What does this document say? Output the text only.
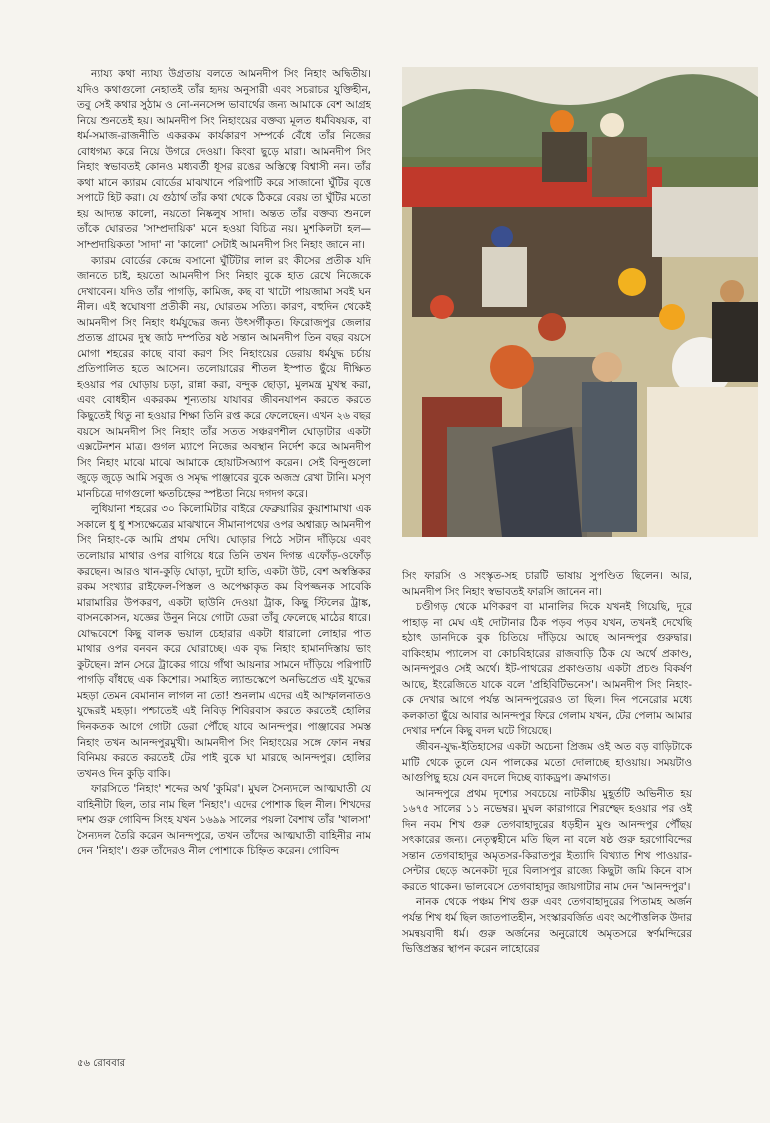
ন্যায্য কথা ন্যায্য উগ্রতায় বলতে আমনদীপ সিং নিহাং অদ্বিতীয়। যদিও কথাগুলো নেহাতই তাঁর হৃদয় অনুসারী এবং সচরাচর যুক্তিহীন, তবু সেই কথার সুঠাম ও নো-ননসেন্স ভাবার্থের জন্য আমাকে বেশ আগ্রহ নিয়ে শুনতেই হয়। আমনদীপ সিং নিহাংয়ের বক্তব্য মূলত ধর্মবিষয়ক, বা ধর্ম-সমাজ-রাজনীতি একরকম কার্যকারণ সম্পর্কে বেঁধে তাঁর নিজের বোধগম্য করে নিয়ে উগরে দেওয়া। কিংবা ছুড়ে মারা। আমনদীপ সিং নিহাং স্বভাবতই কোনও মধ্যবর্তী ধূসর রঙের অস্তিত্বে বিশ্বাসী নন। তাঁর কথা মানে ক্যারম বোর্ডের মাঝখানে পরিপাটি করে সাজানো ঘুঁটির বৃত্তে সপাটে হিট করা। যে গুঠার্থ তাঁর কথা থেকে ঠিকরে বেরয় তা ঘুঁটির মতো হয় আদ্যন্ত কালো, নয়তো নিষ্কলুষ সাদা। অন্তত তাঁর বক্তব্য শুনলে তাঁকে ঘোরতর 'সাম্প্রদায়িক' মনে হওয়া বিচিত্র নয়। মুশকিলটা হল— সাম্প্রদায়িকতা 'সাদা' না 'কালো' সেটাই আমনদীপ সিং নিহাং জানে না।

ক্যারম বোর্ডের কেন্দ্রে বসানো ঘুঁটিটার লাল রং কীসের প্রতীক যদি জানতে চাই, হয়তো আমনদীপ সিং নিহাং বুকে হাত রেখে নিজেকে দেখাবেন। যদিও তাঁর পাগড়ি, কামিজ, কছ বা খাটো পায়জামা সবই ঘন নীল। এই স্বঘোষণা প্রতীকী নয়, ঘোরতম সত্যি। কারণ, বহুদিন থেকেই আমনদীপ সিং নিহাং ধর্মযুদ্ধের জন্য উৎসর্গীকৃত। ফিরোজপুর জেলার প্রত্যন্ত গ্রামের দুস্থ জাঠ দম্পতির ষষ্ঠ সন্তান আমনদীপ তিন বছর বয়সে মোগা শহরের কাছে বাবা করণ সিং নিহাংয়ের ডেরায় ধর্মযুদ্ধ চর্চায় প্রতিপালিত হতে আসেন। তলোয়ারের শীতল ইস্পাত ছুঁয়ে দীক্ষিত হওয়ার পর ঘোড়ায় চড়া, রান্না করা, বন্দুক ছোড়া, মুলমন্ত্র মুখস্থ করা, এবং বোধহীন একরকম শূন্যতায় যাযাবর জীবনযাপন করতে করতে কিছুতেই থিতু না হওয়ার শিক্ষা তিনি রপ্ত করে ফেলেছেন। এখন ২৬ বছর বয়সে আমনদীপ সিং নিহাং তাঁর সতত সঞ্চরণশীল ঘোড়াটার একটা এক্সটেনশন মাত্র। গুগল ম্যাপে নিজের অবস্থান নির্দেশ করে আমনদীপ সিং নিহাং মাঝে মাঝে আমাকে হোয়াটসঅ্যাপ করেন। সেই বিন্দুগুলো জুড়ে জুড়ে আমি সবুজ ও সমৃদ্ধ পাঞ্জাবের বুকে অজস্র রেখা টানি। মসৃণ মানচিত্রে দাগগুলো ক্ষতচিহ্নের স্পষ্টতা নিয়ে দগদগ করে।

লুধিয়ানা শহরের ৩০ কিলোমিটার বাইরে ফেব্রুয়ারির কুয়াশামাখা এক সকালে ধু ধু শস্যক্ষেত্রের মাঝখানে সীমানাপথের ওপর অশ্বারূঢ় আমনদীপ সিং নিহাং-কে আমি প্রথম দেখি। ঘোড়ার পিঠে সটান দাঁড়িয়ে এবং তলোয়ার মাথার ওপর বাগিয়ে ধরে তিনি তখন দিগন্ত এফোঁড়-ওফোঁড় করছেন। আরও খান-কুড়ি ঘোড়া, দুটো হাতি, একটা উট, বেশ অস্বস্তিকর রকম সংখ্যার রাইফেল-পিস্তল ও অপেক্ষাকৃত কম বিপজ্জনক সাবেকি মারামারির উপকরণ, একটা ছাউনি দেওয়া ট্রাক, কিছু স্টিলের ট্রাঙ্ক, বাসনকোসন, যজ্ঞের উনুন নিয়ে গোটা ডেরা তাঁবু ফেলেছে মাঠের ধারে। যোদ্ধবেশে কিছু বালক ভয়াল চেহারার একটা ধারালো লোহার পাত মাথার ওপর বনবন করে ঘোরাচ্ছে। এক বৃদ্ধ নিহাং হামানদিস্তায় ভাং কুটছেন। স্নান সেরে ট্রাকের গায়ে গাঁথা আয়নার সামনে দাঁড়িয়ে পরিপাটি পাগড়ি বাঁধছে এক কিশোর। সমাহিত ল্যান্ডস্কেপে অনভিপ্রেত এই যুদ্ধের মহড়া তেমন বেমানান লাগল না তো! শুনলাম এদের এই আস্ফালনাতও যুদ্ধেরই মহড়া। পশ্চাতেই এই নিবিড় শিবিরবাস করতে করতেই হোলির দিনকতক আগে গোটা ডেরা পৌঁছে যাবে আনন্দপুর। পাঞ্জাবের সমস্ত নিহাং তখন আনন্দপুরমুখী। আমনদীপ সিং নিহাংয়ের সঙ্গে ফোন নম্বর বিনিময় করতে করতেই টের পাই বুকে ঘা মারছে আনন্দপুর। হোলির তখনও দিন কুড়ি বাকি।

ফারসিতে 'নিহাং' শব্দের অর্থ 'কুমির'। মুঘল সৈন্যদলে আত্মঘাতী যে বাহিনীটা ছিল, তার নাম ছিল 'নিহাং'। এদের পোশাক ছিল নীল। শিখদের দশম গুরু গোবিন্দ সিংহ যখন ১৬৯৯ সালের পয়লা বৈশাখ তাঁর 'খালসা' সৈন্যদল তৈরি করেন আনন্দপুরে, তখন তাঁদের আত্মঘাতী বাহিনীর নাম দেন 'নিহাং'। গুরু তাঁদেরও নীল পোশাকে চিহ্নিত করেন। গোবিন্দ

সিং ফারসি ও সংস্কৃত-সহ চারটি ভাষায় সুপণ্ডিত ছিলেন। আর, আমনদীপ সিং নিহাং স্বভাবতই ফারসি জানেন না।

চণ্ডীগড় থেকে মণিকরণ বা মানালির দিকে যখনই গিয়েছি, দূরে পাহাড় না মেঘ এই দোটানার ঠিক পড়ব পড়ব যখন, তখনই দেখেছি হঠাৎ ডানদিকে বুক চিতিয়ে দাঁড়িয়ে আছে আনন্দপুর গুরুদ্বার। বাকিংহাম প্যালেস বা কোচবিহারের রাজবাড়ি ঠিক যে অর্থে প্রকাণ্ড, আনন্দপুরও সেই অর্থে। ইট-পাথরের প্রকাণ্ডতায় একটা প্রচণ্ড বিকর্ষণ আছে, ইংরেজিতে যাকে বলে 'প্রহিবিটিভনেস'। আমনদীপ সিং নিহাং-কে দেখার আগে পর্যন্ত আনন্দপুরেরও তা ছিল। দিন পনেরোর মধ্যে কলকাতা ছুঁয়ে আবার আনন্দপুর ফিরে গেলাম যখন, টের পেলাম আমার দেখার দর্শনে কিছু বদল ঘটে গিয়েছে।

জীবন-যুদ্ধ-ইতিহাসের একটা অচেনা প্রিজম ওই অত বড় বাড়িটাকে মাটি থেকে তুলে যেন পালকের মতো দোলাচ্ছে হাওয়ায়। সময়টাও আগুপিছু হয়ে যেন বদলে দিচ্ছে ব্যাকড্রপ। ক্রমাগত।

আনন্দপুরে প্রথম দৃশ্যের সবচেয়ে নাটকীয় মুহূর্তটি অভিনীত হয় ১৬৭৫ সালের ১১ নভেম্বর। মুঘল কারাগারে শিরশ্ছেদ হওয়ার পর ওই দিন নবম শিখ গুরু তেগবাহাদুরের ধড়হীন মুণ্ড আনন্দপুর পৌঁছয় সৎকারের জন্য। নেতৃত্বহীনে মতি ছিল না বলে ষষ্ঠ গুরু হরগোবিন্দের সন্তান তেগবাহাদুর অমৃতসর-কিরাতপুর ইত্যাদি বিখ্যাত শিখ পাওয়ার-সেন্টার ছেড়ে অনেকটা দূরে বিলাসপুর রাজ্যে কিছুটা জমি কিনে বাস করতে থাকেন। ভালবেসে তেগবাহাদুর জায়গাটার নাম দেন 'আনন্দপুর'।

নানক থেকে পঞ্চম শিখ গুরু এবং তেগবাহাদুরের পিতামহ অর্জন পর্যন্ত শিখ ধর্ম ছিল জাতপাতহীন, সংস্কারবর্জিত এবং অপৌত্তলিক উদার সমন্বয়বাদী ধর্ম। গুরু অর্জনের অনুরোধে অমৃতসরে স্বর্ণমন্দিরের ভিত্তিপ্রস্তর স্থাপন করেন লাহোরের

৫৬ রোববার
